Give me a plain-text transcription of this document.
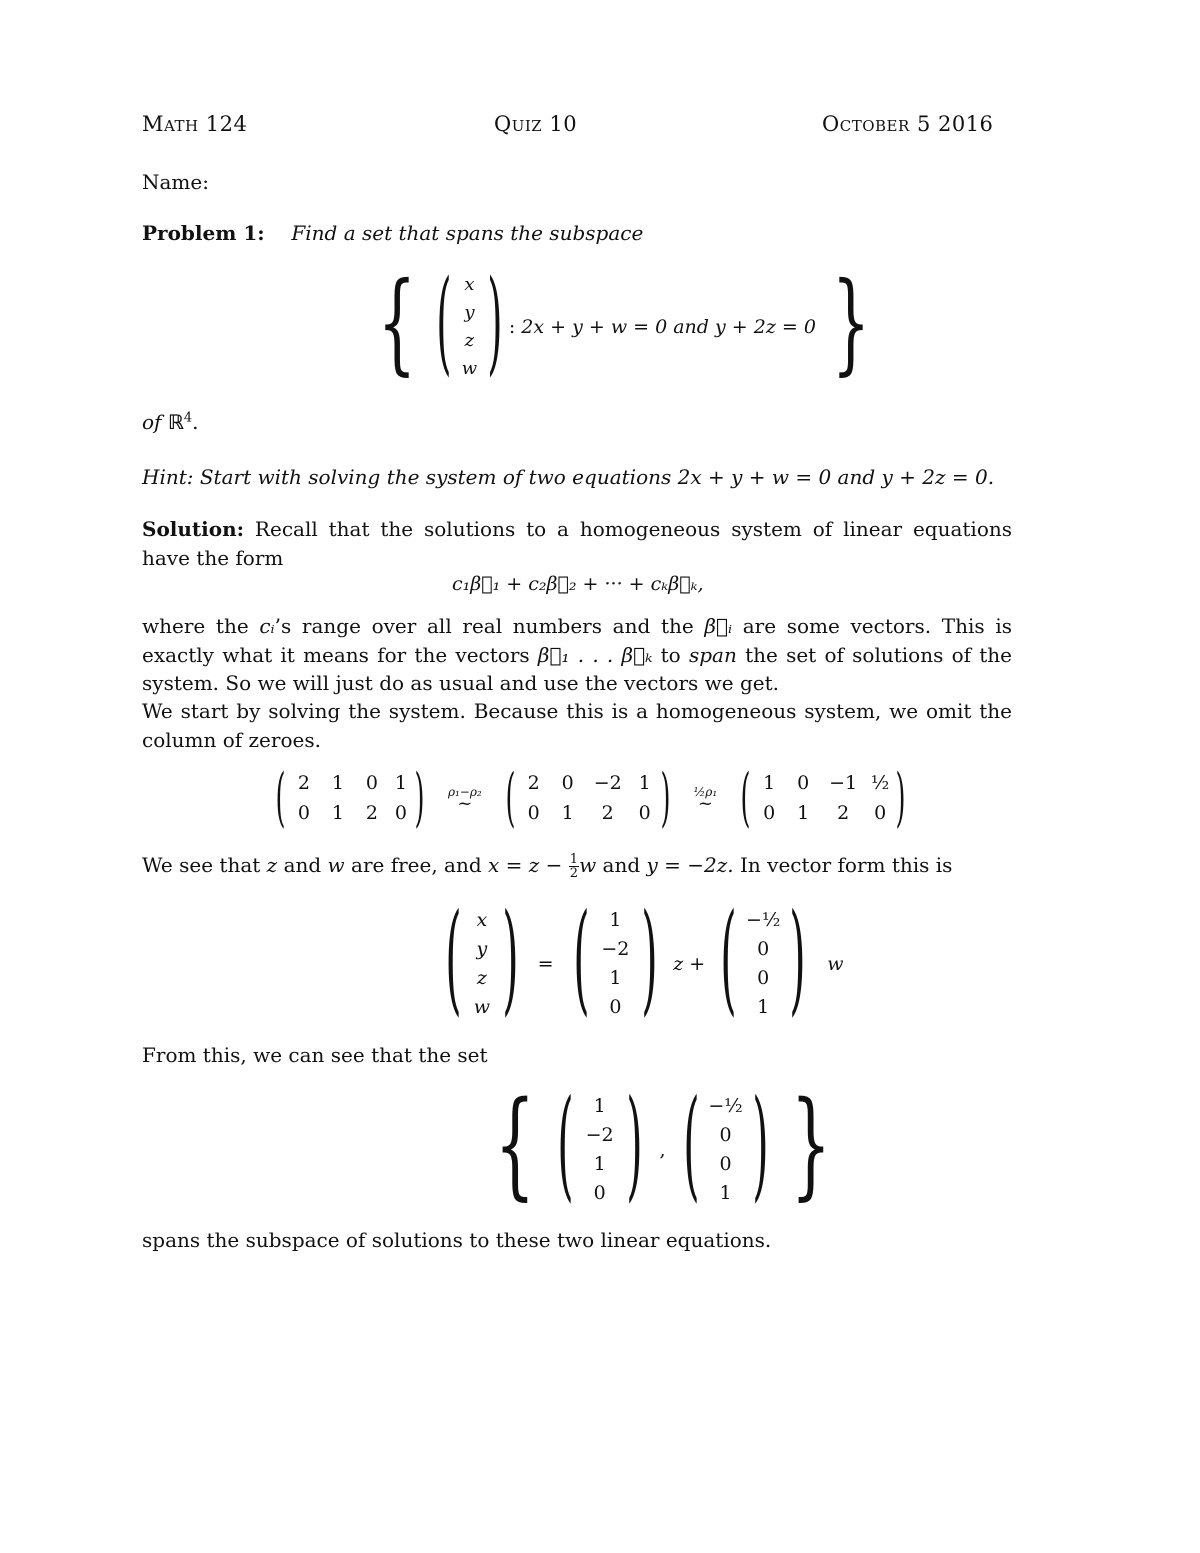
Math 124	Quiz 10	October 5 2016
Name:
Problem 1: Find a set that spans the subspace
{ ( x
y
z
w ) : 2x + y + w = 0 and y + 2z = 0 }
of ℝ$^4$.
Hint: Start with solving the system of two equations 2x + y + w = 0 and y + 2z = 0.
Solution: Recall that the solutions to a homogeneous system of linear equations have the form
c₁β⃗₁ + c₂β⃗₂ + ··· + cₖβ⃗ₖ,
where the cᵢ’s range over all real numbers and the β⃗ᵢ are some vectors. This is exactly what it means for the vectors β⃗₁ . . . β⃗ₖ to span the set of solutions of the system. So we will just do as usual and use the vectors we get.
We start by solving the system. Because this is a homogeneous system, we omit the column of zeroes.
( 2	1	0	1
0	1	2	0 ) ρ₁−ρ₂
~ ( 2	0	−2	1
0	1	2	0 ) ½ρ₁
~ ( 1	0	−1	½
0	1	2	0 )
We see that z and w are free, and $x = z - \frac{1}{2}$ w and y = −2z. In vector form this is
( x
y
z
w ) = ( 1
−2
1
0 ) z + ( −½
0
0
1 ) w
From this, we can see that the set
{ ( 1
−2
1
0 ) , ( −½
0
0
1 ) }
spans the subspace of solutions to these two linear equations.
